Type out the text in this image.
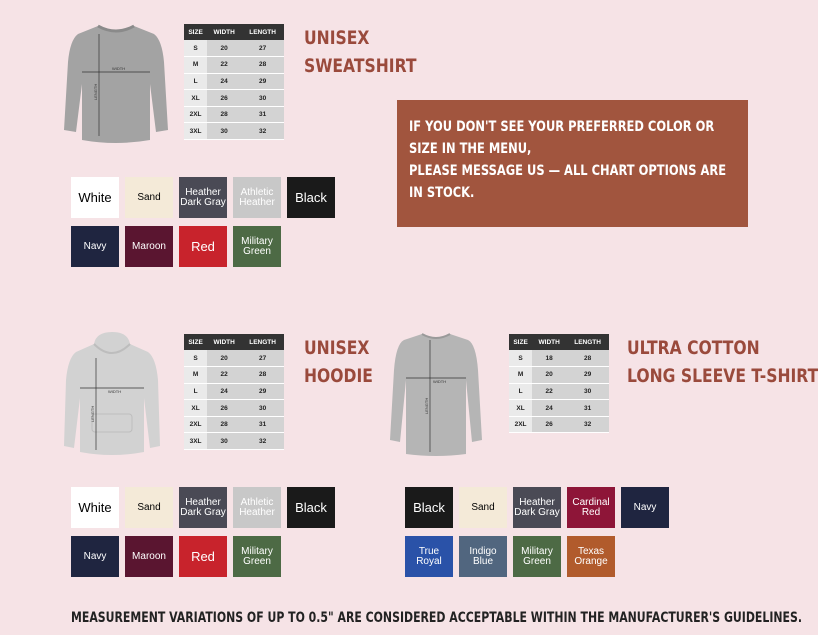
WIDTH
LENGTH
SIZE	WIDTH	LENGTH
S	20	27
M	22	28
L	24	29
XL	26	30
2XL	28	31
3XL	30	32
UNISEX
SWEATSHIRT
White	Sand	Heather Dark Gray
Athletic Heather	Black
Navy	Maroon Red	Military Green
IF YOU DON'T SEE YOUR PREFERRED COLOR OR SIZE IN THE MENU,
PLEASE MESSAGE US — ALL CHART OPTIONS ARE IN STOCK.
WIDTH
LENGTH
SIZE	WIDTH	LENGTH
S	20	27
M	22	28
L	24	29
XL	26	30
2XL	28	31
3XL	30	32
UNISEX
HOODIE
White	Sand	Heather Dark Gray
Athletic Heather	Black
Navy	Maroon Red	Military Green
WIDTH
LENGTH
SIZE	WIDTH	LENGTH
S	18	28
M	20	29
L	22	30
XL	24	31
2XL	26	32
ULTRA COTTON
LONG SLEEVE T-SHIRT
Black	Sand	Heather Dark Gray
Cardinal Red	Navy
True Royal
Indigo Blue
Military Green
Texas Orange
MEASUREMENT VARIATIONS OF UP TO 0.5" ARE CONSIDERED ACCEPTABLE WITHIN THE MANUFACTURER'S GUIDELINES.
